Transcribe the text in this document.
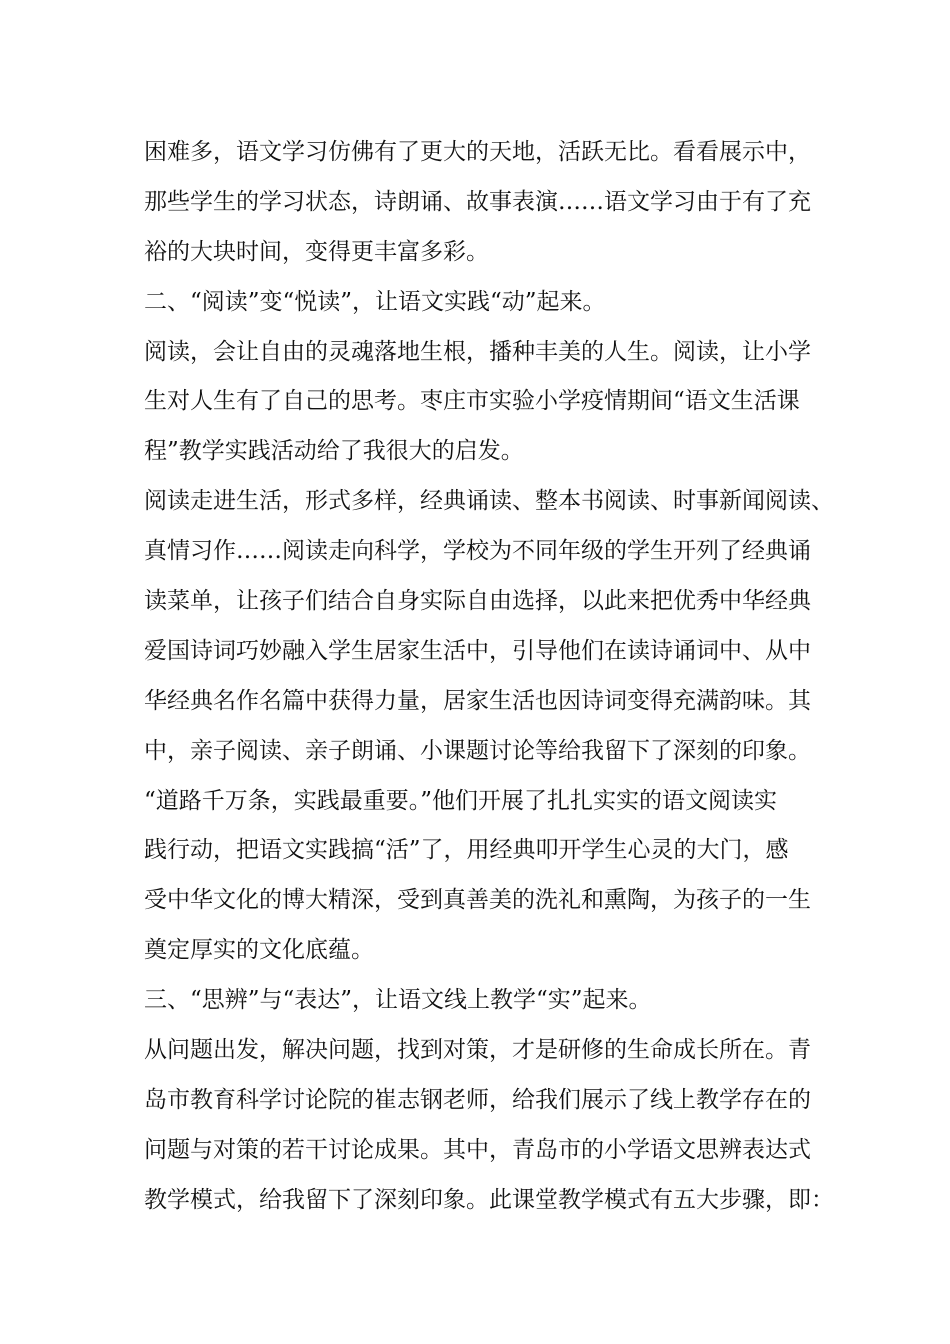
困难多，语文学习仿佛有了更大的天地，活跃无比。看看展示中，
那些学生的学习状态，诗朗诵、故事表演……语文学习由于有了充
裕的大块时间，变得更丰富多彩。
二、“阅读”变“悦读”，让语文实践“动”起来。
阅读，会让自由的灵魂落地生根，播种丰美的人生。阅读，让小学
生对人生有了自己的思考。枣庄市实验小学疫情期间“语文生活课
程”教学实践活动给了我很大的启发。
阅读走进生活，形式多样，经典诵读、整本书阅读、时事新闻阅读、
真情习作……阅读走向科学，学校为不同年级的学生开列了经典诵
读菜单，让孩子们结合自身实际自由选择，以此来把优秀中华经典
爱国诗词巧妙融入学生居家生活中，引导他们在读诗诵词中、从中
华经典名作名篇中获得力量，居家生活也因诗词变得充满韵味。其
中，亲子阅读、亲子朗诵、小课题讨论等给我留下了深刻的印象。
“道路千万条，实践最重要。”他们开展了扎扎实实的语文阅读实
践行动，把语文实践搞“活”了，用经典叩开学生心灵的大门，感
受中华文化的博大精深，受到真善美的洗礼和熏陶，为孩子的一生
奠定厚实的文化底蕴。
三、“思辨”与“表达”，让语文线上教学“实”起来。
从问题出发，解决问题，找到对策，才是研修的生命成长所在。青
岛市教育科学讨论院的崔志钢老师，给我们展示了线上教学存在的
问题与对策的若干讨论成果。其中，青岛市的小学语文思辨表达式
教学模式，给我留下了深刻印象。此课堂教学模式有五大步骤，即：
